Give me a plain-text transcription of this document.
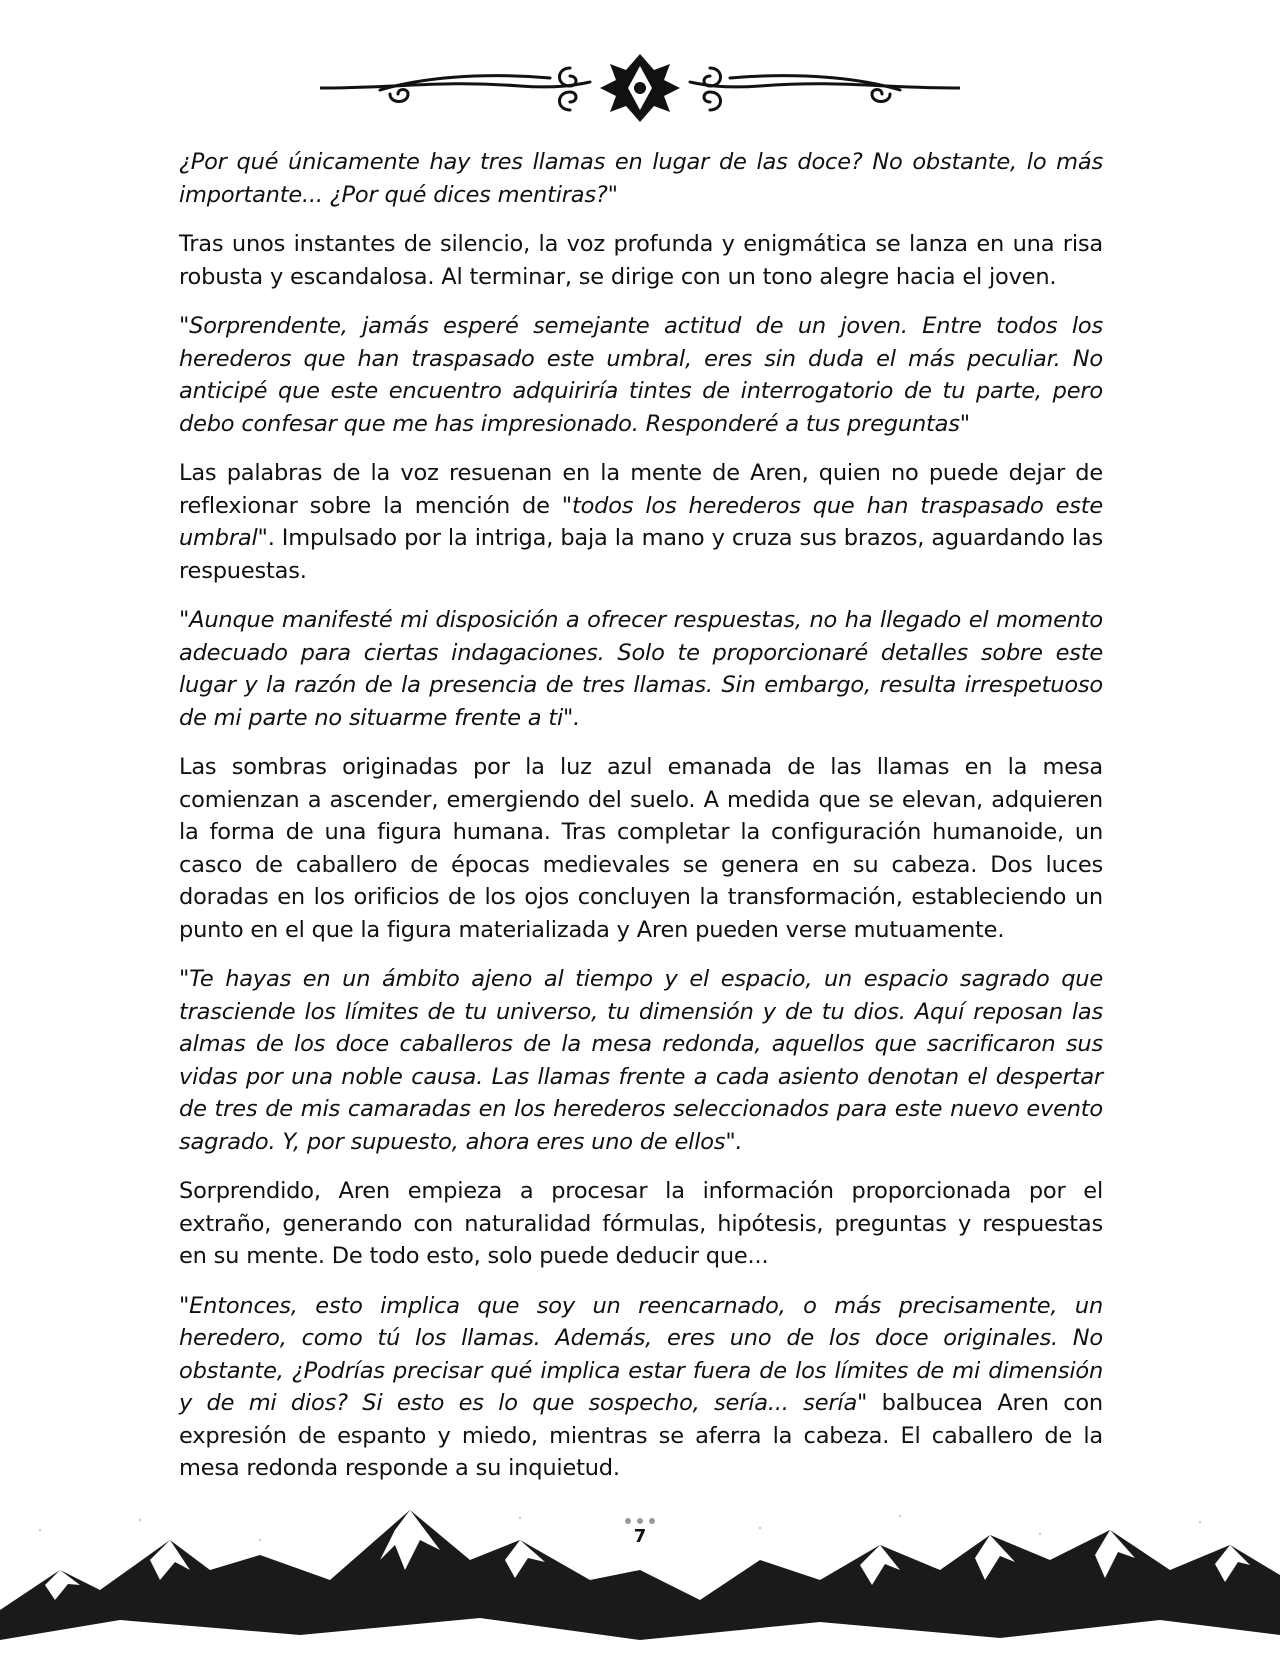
¿Por qué únicamente hay tres llamas en lugar de las doce? No obstante, lo más importante... ¿Por qué dices mentiras?"

Tras unos instantes de silencio, la voz profunda y enigmática se lanza en una risa robusta y escandalosa. Al terminar, se dirige con un tono alegre hacia el joven.

"Sorprendente, jamás esperé semejante actitud de un joven. Entre todos los herederos que han traspasado este umbral, eres sin duda el más peculiar. No anticipé que este encuentro adquiriría tintes de interrogatorio de tu parte, pero debo confesar que me has impresionado. Responderé a tus preguntas"

Las palabras de la voz resuenan en la mente de Aren, quien no puede dejar de reflexionar sobre la mención de "todos los herederos que han traspasado este umbral". Impulsado por la intriga, baja la mano y cruza sus brazos, aguardando las respuestas.

"Aunque manifesté mi disposición a ofrecer respuestas, no ha llegado el momento adecuado para ciertas indagaciones. Solo te proporcionaré detalles sobre este lugar y la razón de la presencia de tres llamas. Sin embargo, resulta irrespetuoso de mi parte no situarme frente a ti".

Las sombras originadas por la luz azul emanada de las llamas en la mesa comienzan a ascender, emergiendo del suelo. A medida que se elevan, adquieren la forma de una figura humana. Tras completar la configuración humanoide, un casco de caballero de épocas medievales se genera en su cabeza. Dos luces doradas en los orificios de los ojos concluyen la transformación, estableciendo un punto en el que la figura materializada y Aren pueden verse mutuamente.

"Te hayas en un ámbito ajeno al tiempo y el espacio, un espacio sagrado que trasciende los límites de tu universo, tu dimensión y de tu dios. Aquí reposan las almas de los doce caballeros de la mesa redonda, aquellos que sacrificaron sus vidas por una noble causa. Las llamas frente a cada asiento denotan el despertar de tres de mis camaradas en los herederos seleccionados para este nuevo evento sagrado. Y, por supuesto, ahora eres uno de ellos".

Sorprendido, Aren empieza a procesar la información proporcionada por el extraño, generando con naturalidad fórmulas, hipótesis, preguntas y respuestas en su mente. De todo esto, solo puede deducir que...

"Entonces, esto implica que soy un reencarnado, o más precisamente, un heredero, como tú los llamas. Además, eres uno de los doce originales. No obstante, ¿Podrías precisar qué implica estar fuera de los límites de mi dimensión y de mi dios? Si esto es lo que sospecho, sería... sería" balbucea Aren con expresión de espanto y miedo, mientras se aferra la cabeza. El caballero de la mesa redonda responde a su inquietud.

7
